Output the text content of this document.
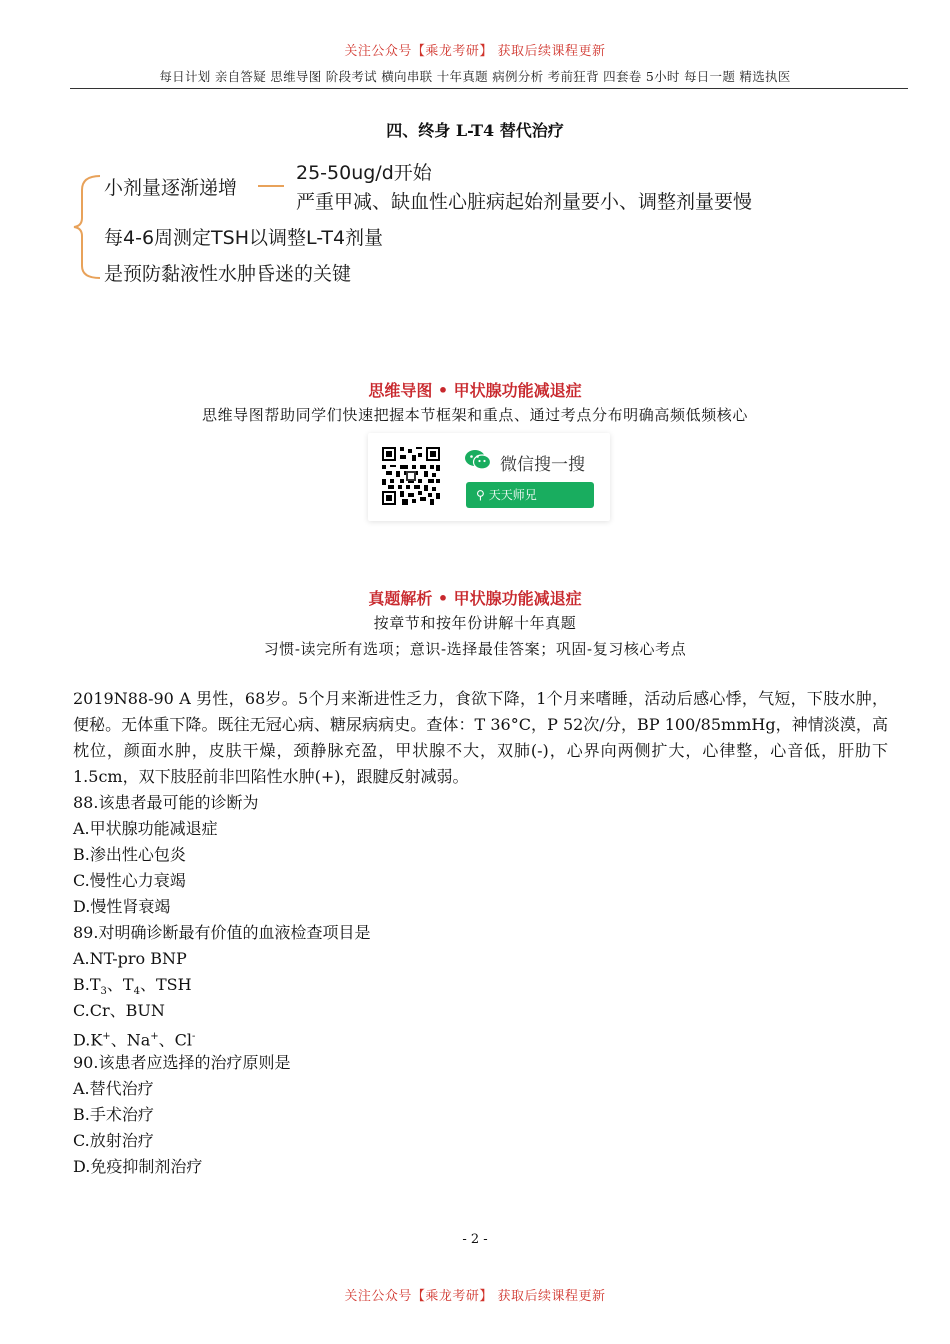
关注公众号【乘龙考研】 获取后续课程更新
每日计划 亲自答疑 思维导图 阶段考试 横向串联 十年真题 病例分析 考前狂背 四套卷 5小时 每日一题 精选执医
四、终身 L-T4 替代治疗
小剂量逐渐递增
25-50ug/d开始
严重甲减、缺血性心脏病起始剂量要小、调整剂量要慢
每4-6周测定TSH以调整L-T4剂量
是预防黏液性水肿昏迷的关键
思维导图 • 甲状腺功能减退症
思维导图帮助同学们快速把握本节框架和重点、通过考点分布明确高频低频核心
微信搜一搜
⚲ 天天师兄
真题解析 • 甲状腺功能减退症
按章节和按年份讲解十年真题
习惯-读完所有选项；意识-选择最佳答案；巩固-复习核心考点
2019N88-90 A 男性，68岁。5个月来渐进性乏力，食欲下降，1个月来嗜睡，活动后感心悸，气短，下肢水肿，便秘。无体重下降。既往无冠心病、糖尿病病史。查体：T 36°C，P 52次/分，BP 100/85mmHg，神情淡漠，高枕位，颜面水肿，皮肤干燥，颈静脉充盈，甲状腺不大，双肺(-)，心界向两侧扩大，心律整，心音低，肝肋下1.5cm，双下肢胫前非凹陷性水肿(+)，跟腱反射减弱。
88.该患者最可能的诊断为
A.甲状腺功能减退症
B.渗出性心包炎
C.慢性心力衰竭
D.慢性肾衰竭
89.对明确诊断最有价值的血液检查项目是
A.NT-pro BNP
$B.T_3$、$T_4$、TSH
C.Cr、BUN
D.K+、Na+、Cl-
90.该患者应选择的治疗原则是
A.替代治疗
B.手术治疗
C.放射治疗
D.免疫抑制剂治疗
- 2 -
关注公众号【乘龙考研】 获取后续课程更新
